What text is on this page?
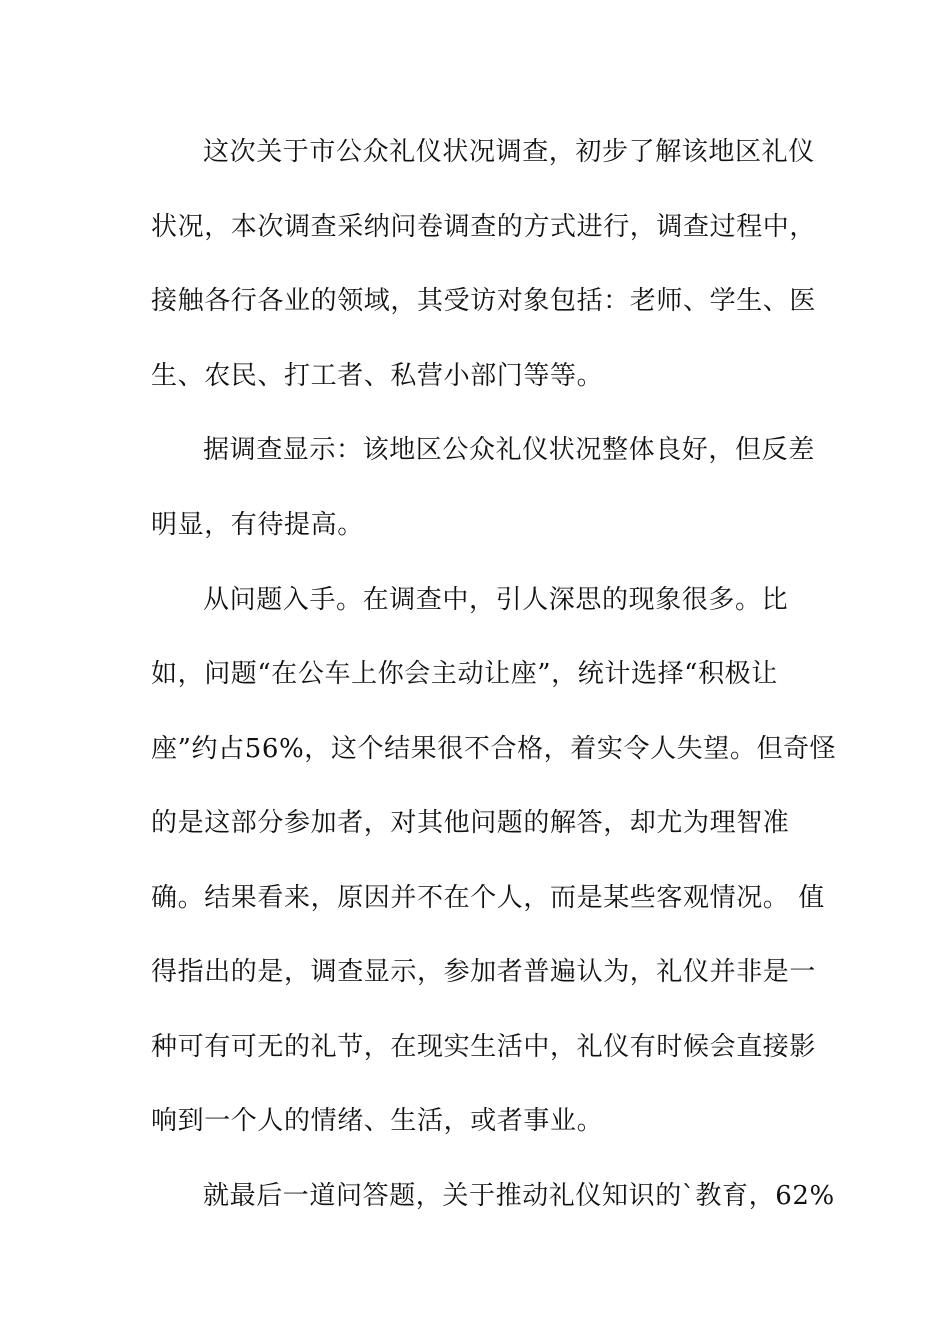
这次关于市公众礼仪状况调查，初步了解该地区礼仪
状况，本次调查采纳问卷调查的方式进行，调查过程中，
接触各行各业的领域，其受访对象包括：老师、学生、医
生、农民、打工者、私营小部门等等。
据调查显示：该地区公众礼仪状况整体良好，但反差
明显，有待提高。
从问题入手。在调查中，引人深思的现象很多。比
如，问题“在公车上你会主动让座”，统计选择“积极让
座”约占56%，这个结果很不合格，着实令人失望。但奇怪
的是这部分参加者，对其他问题的解答，却尤为理智准
确。结果看来，原因并不在个人，而是某些客观情况。 值
得指出的是，调查显示，参加者普遍认为，礼仪并非是一
种可有可无的礼节，在现实生活中，礼仪有时候会直接影
响到一个人的情绪、生活，或者事业。
就最后一道问答题，关于推动礼仪知识的`教育，62%
